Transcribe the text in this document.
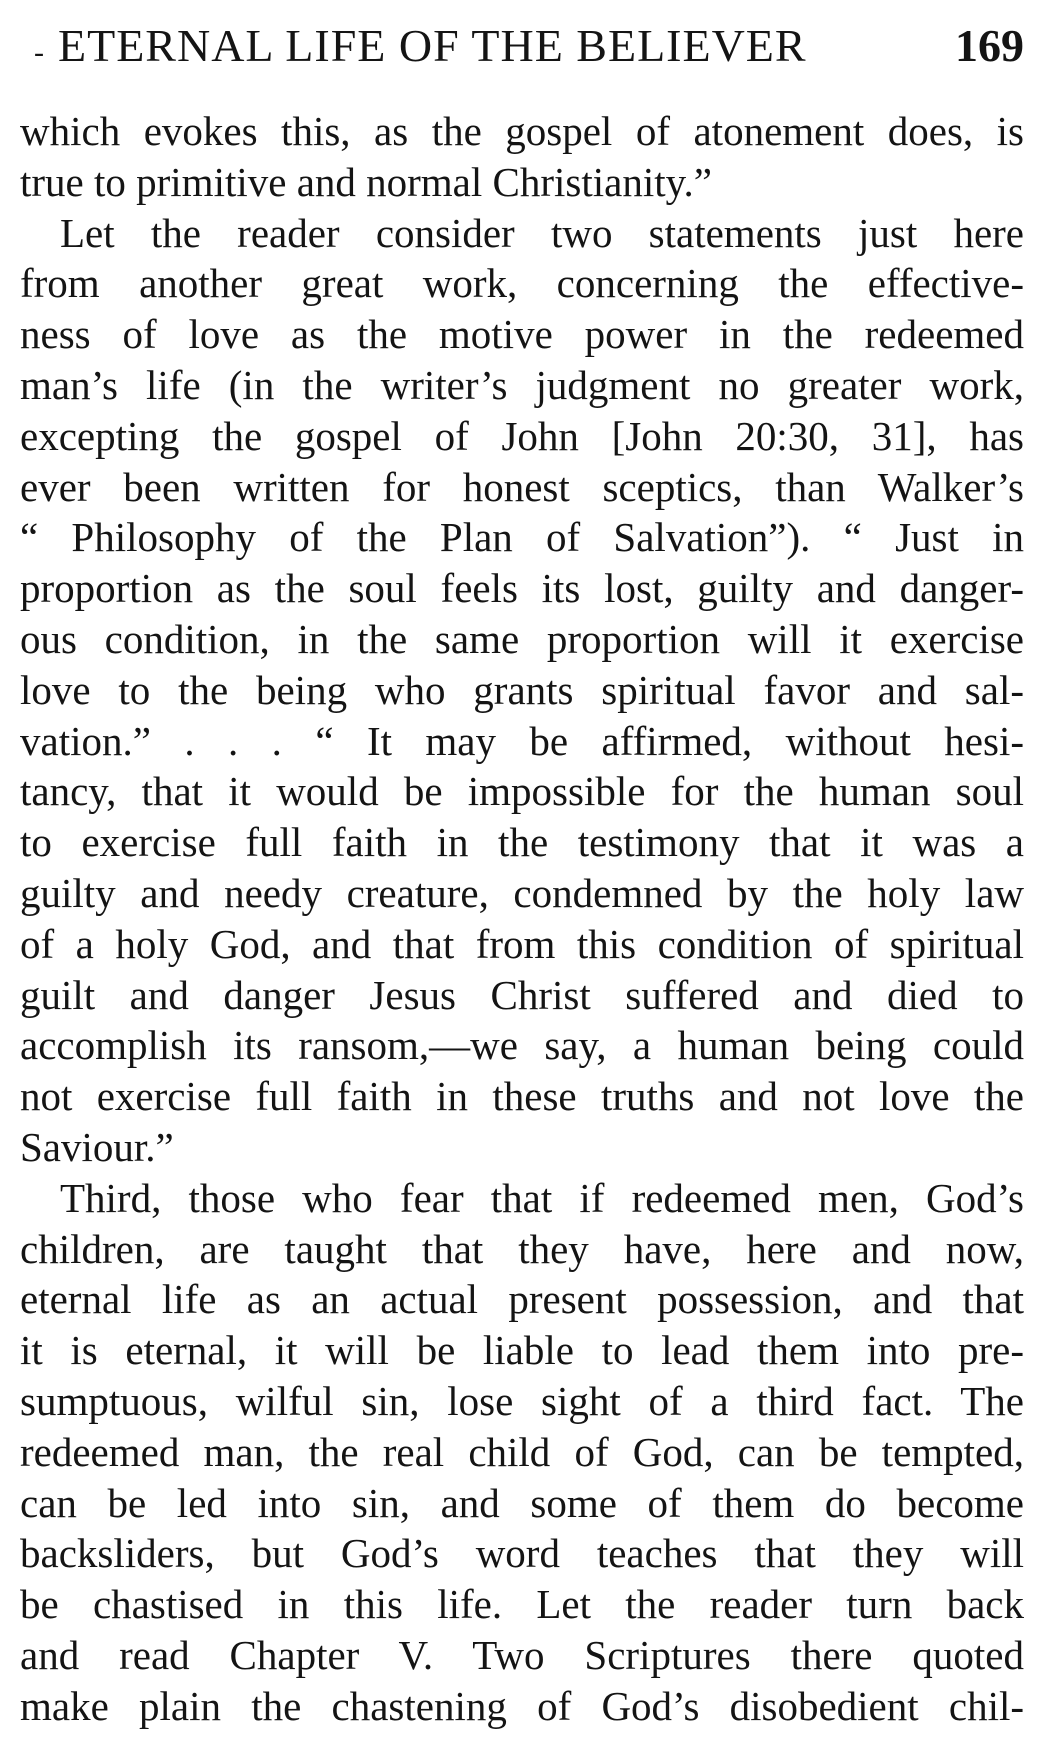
- ETERNAL LIFE OF THE BELIEVER	169
which evokes this, as the gospel of atonement does, is
true to primitive and normal Christianity.”
Let the reader consider two statements just here
from another great work, concerning the effective-
ness of love as the motive power in the redeemed
man’s life (in the writer’s judgment no greater work,
excepting the gospel of John [John 20:30, 31], has
ever been written for honest sceptics, than Walker’s
“ Philosophy of the Plan of Salvation”). “ Just in
proportion as the soul feels its lost, guilty and danger-
ous condition, in the same proportion will it exercise
love to the being who grants spiritual favor and sal-
vation.” . . . “ It may be affirmed, without hesi-
tancy, that it would be impossible for the human soul
to exercise full faith in the testimony that it was a
guilty and needy creature, condemned by the holy law
of a holy God, and that from this condition of spiritual
guilt and danger Jesus Christ suffered and died to
accomplish its ransom,—we say, a human being could
not exercise full faith in these truths and not love the
Saviour.”
Third, those who fear that if redeemed men, God’s
children, are taught that they have, here and now,
eternal life as an actual present possession, and that
it is eternal, it will be liable to lead them into pre-
sumptuous, wilful sin, lose sight of a third fact. The
redeemed man, the real child of God, can be tempted,
can be led into sin, and some of them do become
backsliders, but God’s word teaches that they will
be chastised in this life. Let the reader turn back
and read Chapter V. Two Scriptures there quoted
make plain the chastening of God’s disobedient chil-
